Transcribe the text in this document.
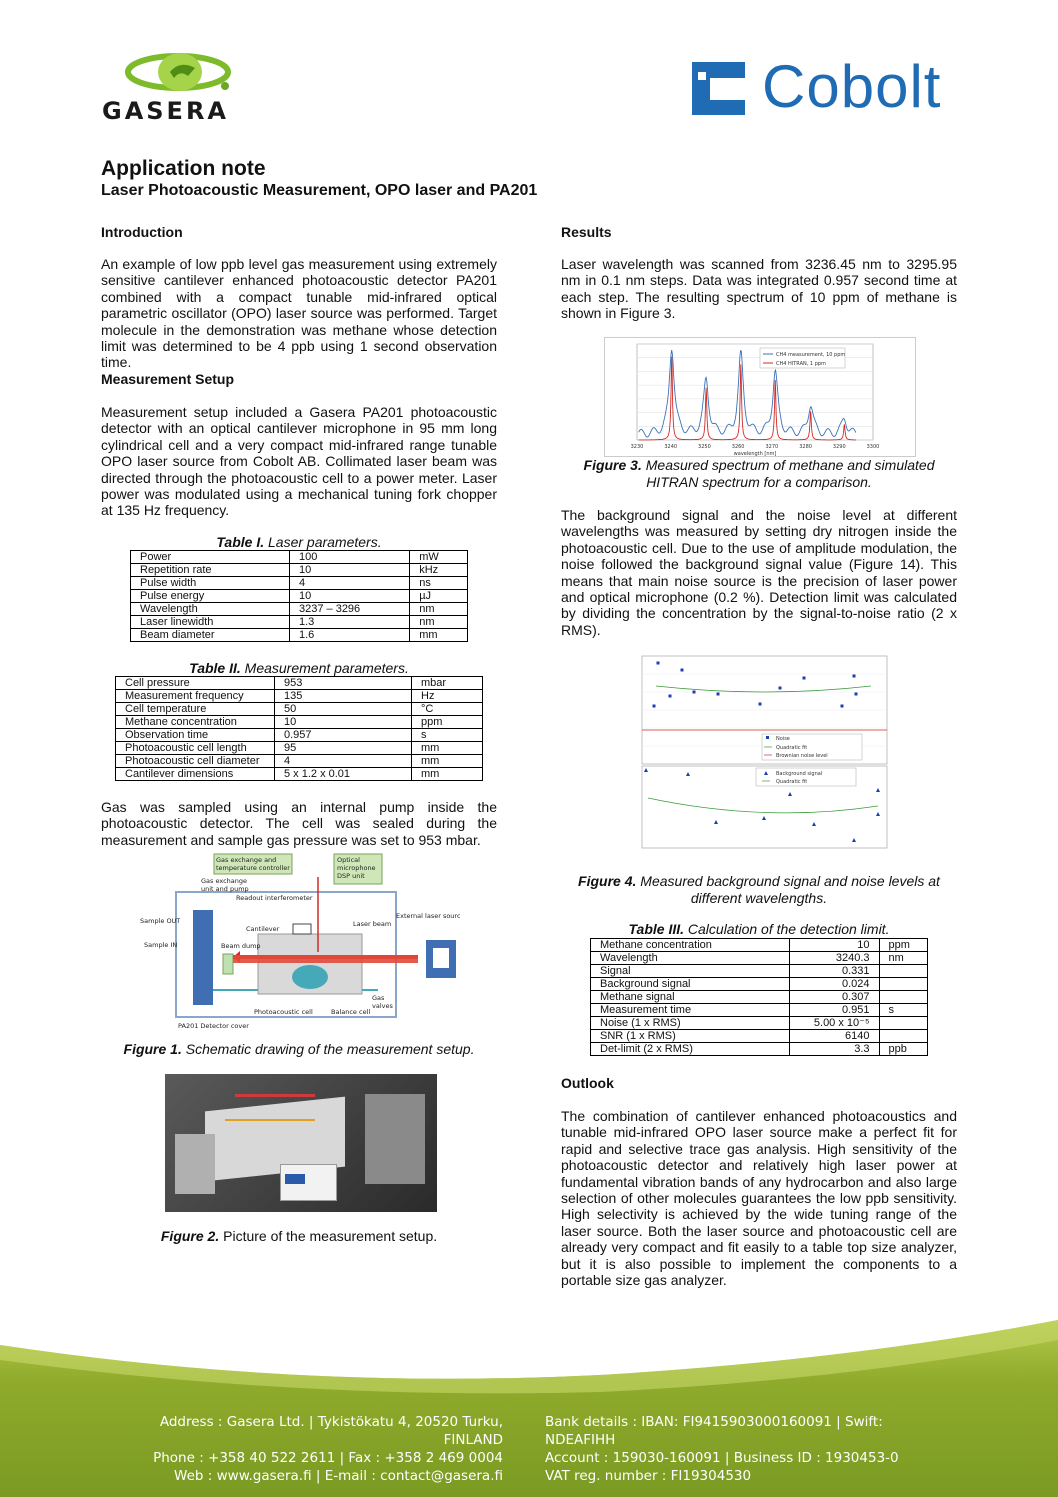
GASERA	Cobolt
Application note
Laser Photoacoustic Measurement, OPO laser and PA201
Introduction
An example of low ppb level gas measurement using extremely sensitive cantilever enhanced photoacoustic detector PA201 combined with a compact tunable mid-infrared optical parametric oscillator (OPO) laser source was performed. Target molecule in the demonstration was methane whose detection limit was determined to be 4 ppb using 1 second observation time.
Measurement Setup
Measurement setup included a Gasera PA201 photoacoustic detector with an optical cantilever microphone in 95 mm long cylindrical cell and a very compact mid-infrared range tunable OPO laser source from Cobolt AB. Collimated laser beam was directed through the photoacoustic cell to a power meter. Laser power was modulated using a mechanical tuning fork chopper at 135 Hz frequency.
Table I. Laser parameters.
Power	100	mW
Repetition rate	10	kHz
Pulse width	4	ns
Pulse energy	10	µJ
Wavelength	3237 – 3296	nm
Laser linewidth	1.3	nm
Beam diameter	1.6	mm
Table II. Measurement parameters.
Cell pressure	953	mbar
Measurement frequency	135	Hz
Cell temperature	50	°C
Methane concentration	10	ppm
Observation time	0.957	s
Photoacoustic cell length	95	mm
Photoacoustic cell diameter	4	mm
Cantilever dimensions	5 x 1.2 x 0.01	mm
Gas was sampled using an internal pump inside the photoacoustic detector. The cell was sealed during the measurement and sample gas pressure was set to 953 mbar.
Gas exchange and
temperature controller
Optical
microphone
DSP unit
Gas exchange
unit and pump
Readout interferometer
Sample OUT
Sample IN
Cantilever
Laser beam
External laser source
Beam dump
Gas
valves
Photoacoustic cell	Balance cell
PA201 Detector cover
Figure 1. Schematic drawing of the measurement setup.
Figure 2. Picture of the measurement setup.
Results
Laser wavelength was scanned from 3236.45 nm to 3295.95 nm in 0.1 nm steps. Data was integrated 0.957 second time at each step. The resulting spectrum of 10 ppm of methane is shown in Figure 3.
3230	3240	3250	3260	3270	3280	3290	3300
wavelength [nm]
CH4 measurement, 10 ppm
CH4 HITRAN, 1 ppm
Figure 3. Measured spectrum of methane and simulated HITRAN spectrum for a comparison.
The background signal and the noise level at different wavelengths was measured by setting dry nitrogen inside the photoacoustic cell. Due to the use of amplitude modulation, the noise followed the background signal value (Figure 14). This means that main noise source is the precision of laser power and optical microphone (0.2 %). Detection limit was calculated by dividing the concentration by the signal-to-noise ratio (2 x RMS).
Noise
Quadratic fit
Brownian noise level
Background signal
Quadratic fit
Figure 4. Measured background signal and noise levels at different wavelengths.
Table III. Calculation of the detection limit.
Methane concentration	10	ppm
Wavelength	3240.3	nm
Signal	0.331	
Background signal	0.024	
Methane signal	0.307	
Measurement time	0.951	s
Noise (1 x RMS)	5.00 x 10⁻⁵	
SNR (1 x RMS)	6140	
Det-limit (2 x RMS)	3.3	ppb
Outlook
The combination of cantilever enhanced photoacoustics and tunable mid-infrared OPO laser source make a perfect fit for rapid and selective trace gas analysis. High sensitivity of the photoacoustic detector and relatively high laser power at fundamental vibration bands of any hydrocarbon and also large selection of other molecules guarantees the low ppb sensitivity. High selectivity is achieved by the wide tuning range of the laser source. Both the laser source and photoacoustic cell are already very compact and fit easily to a table top size analyzer, but it is also possible to implement the components to a portable size gas analyzer.
Address : Gasera Ltd. | Tykistökatu 4, 20520 Turku, FINLAND
Phone : +358 40 522 2611 | Fax : +358 2 469 0004
Web : www.gasera.fi | E-mail : contact@gasera.fi
Bank details : IBAN: FI9415903000160091 | Swift: NDEAFIHH
Account : 159030-160091 | Business ID : 1930453-0
VAT reg. number : FI19304530
